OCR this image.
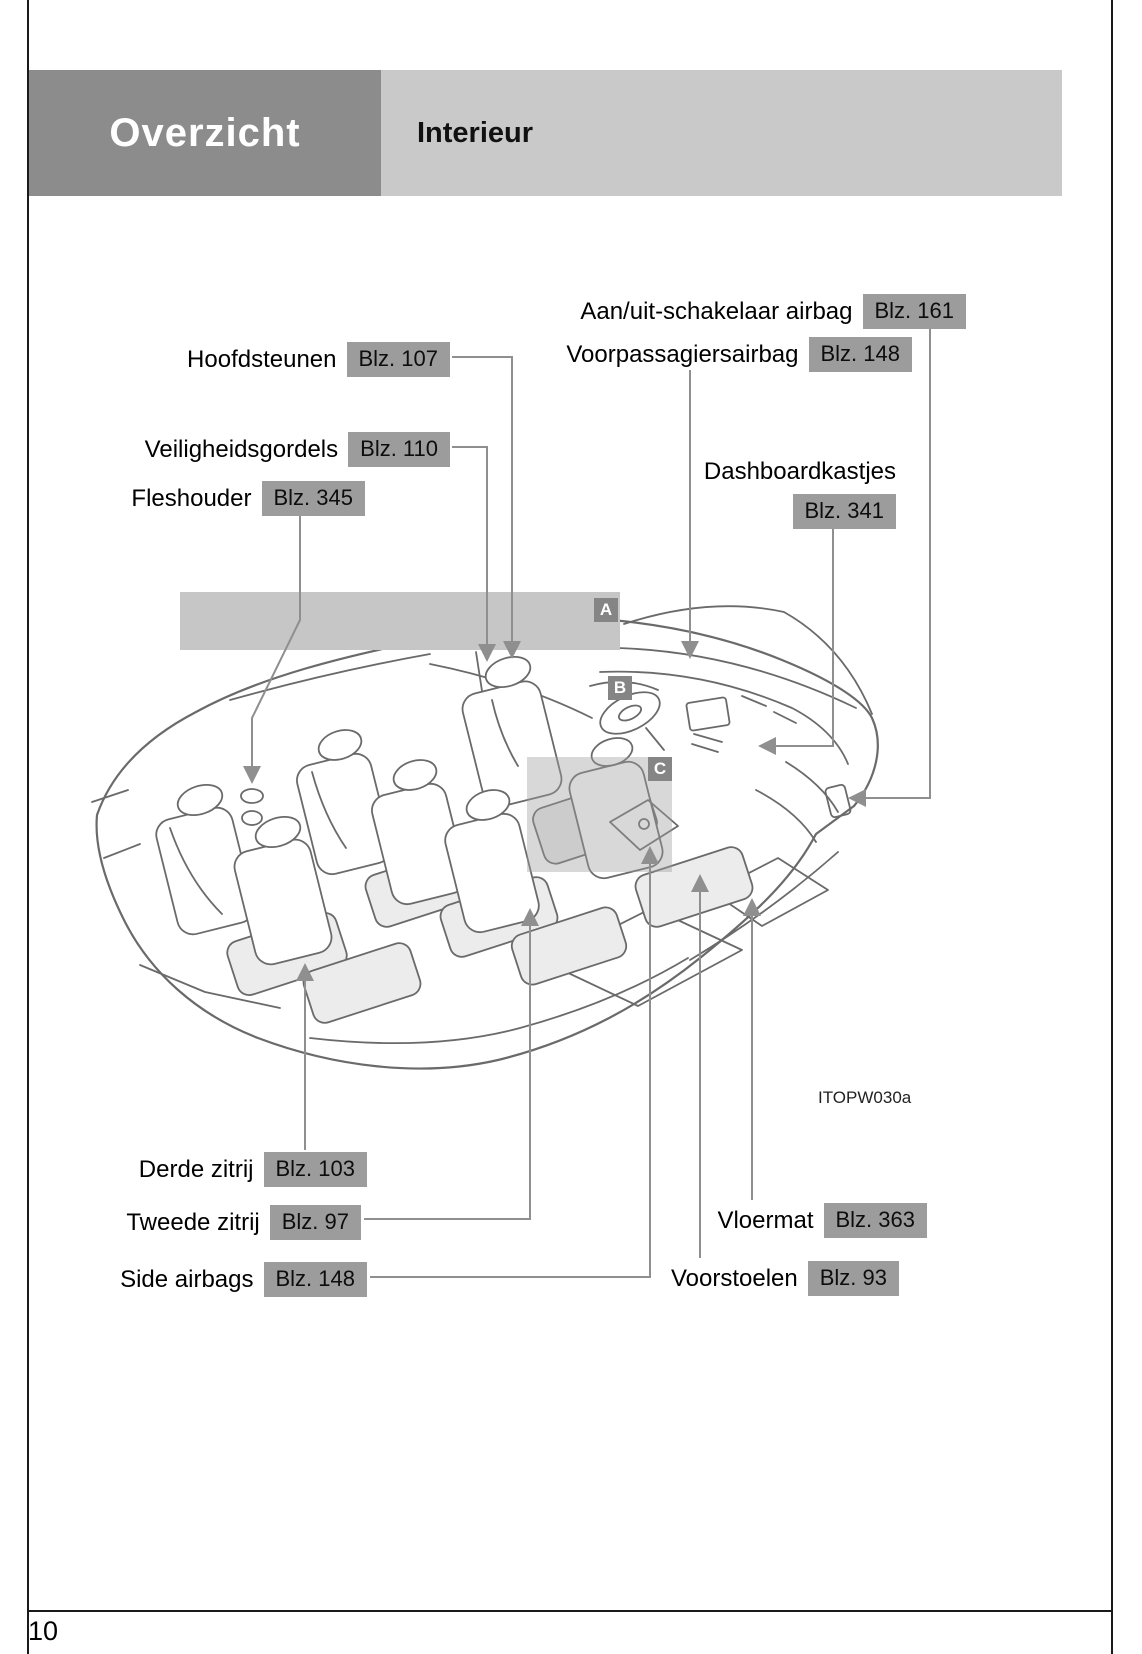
Overzicht	Interieur
Aan/uit-schakelaar airbag	Blz. 161
Voorpassagiersairbag	Blz. 148
Hoofdsteunen	Blz. 107
Veiligheidsgordels	Blz. 110
Fleshouder	Blz. 345
Dashboardkastjes
Blz. 341
Derde zitrij	Blz. 103
Tweede zitrij	Blz. 97
Side airbags	Blz. 148
Vloermat	Blz. 363
Voorstoelen	Blz. 93
A
B
C
ITOPW030a
10
